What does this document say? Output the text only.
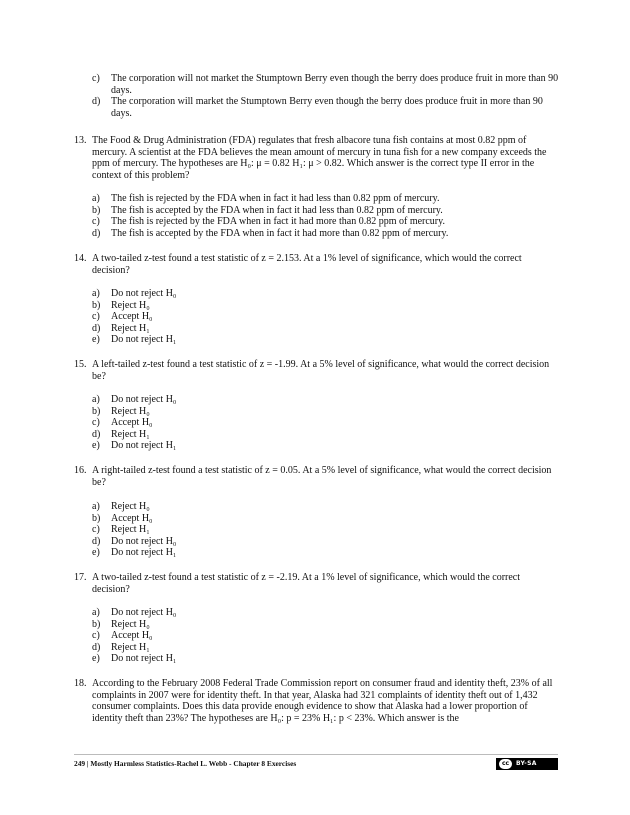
c)	The corporation will not market the Stumptown Berry even though the berry does produce fruit in more than 90 days.
d)	The corporation will market the Stumptown Berry even though the berry does produce fruit in more than 90 days.
13. The Food & Drug Administration (FDA) regulates that fresh albacore tuna fish contains at most 0.82 ppm of mercury. A scientist at the FDA believes the mean amount of mercury in tuna fish for a new company exceeds the ppm of mercury. The hypotheses are H₀: μ = 0.82 H₁: μ > 0.82. Which answer is the correct type II error in the context of this problem?
a)	The fish is rejected by the FDA when in fact it had less than 0.82 ppm of mercury.
b)	The fish is accepted by the FDA when in fact it had less than 0.82 ppm of mercury.
c)	The fish is rejected by the FDA when in fact it had more than 0.82 ppm of mercury.
d)	The fish is accepted by the FDA when in fact it had more than 0.82 ppm of mercury.
14. A two-tailed z-test found a test statistic of z = 2.153. At a 1% level of significance, which would the correct decision?
a)	Do not reject H₀
b)	Reject H₀
c)	Accept H₀
d)	Reject H₁
e)	Do not reject H₁
15. A left-tailed z-test found a test statistic of z = -1.99. At a 5% level of significance, what would the correct decision be?
a)	Do not reject H₀
b)	Reject H₀
c)	Accept H₀
d)	Reject H₁
e)	Do not reject H₁
16. A right-tailed z-test found a test statistic of z = 0.05. At a 5% level of significance, what would the correct decision be?
a)	Reject H₀
b)	Accept H₀
c)	Reject H₁
d)	Do not reject H₀
e)	Do not reject H₁
17. A two-tailed z-test found a test statistic of z = -2.19. At a 1% level of significance, which would the correct decision?
a)	Do not reject H₀
b)	Reject H₀
c)	Accept H₀
d)	Reject H₁
e)	Do not reject H₁
18. According to the February 2008 Federal Trade Commission report on consumer fraud and identity theft, 23% of all complaints in 2007 were for identity theft. In that year, Alaska had 321 complaints of identity theft out of 1,432 consumer complaints. Does this data provide enough evidence to show that Alaska had a lower proportion of identity theft than 23%? The hypotheses are H₀: p = 23% H₁: p < 23%. Which answer is the
249 | Mostly Harmless Statistics-Rachel L. Webb - Chapter 8 Exercises	cc	BY-SA
